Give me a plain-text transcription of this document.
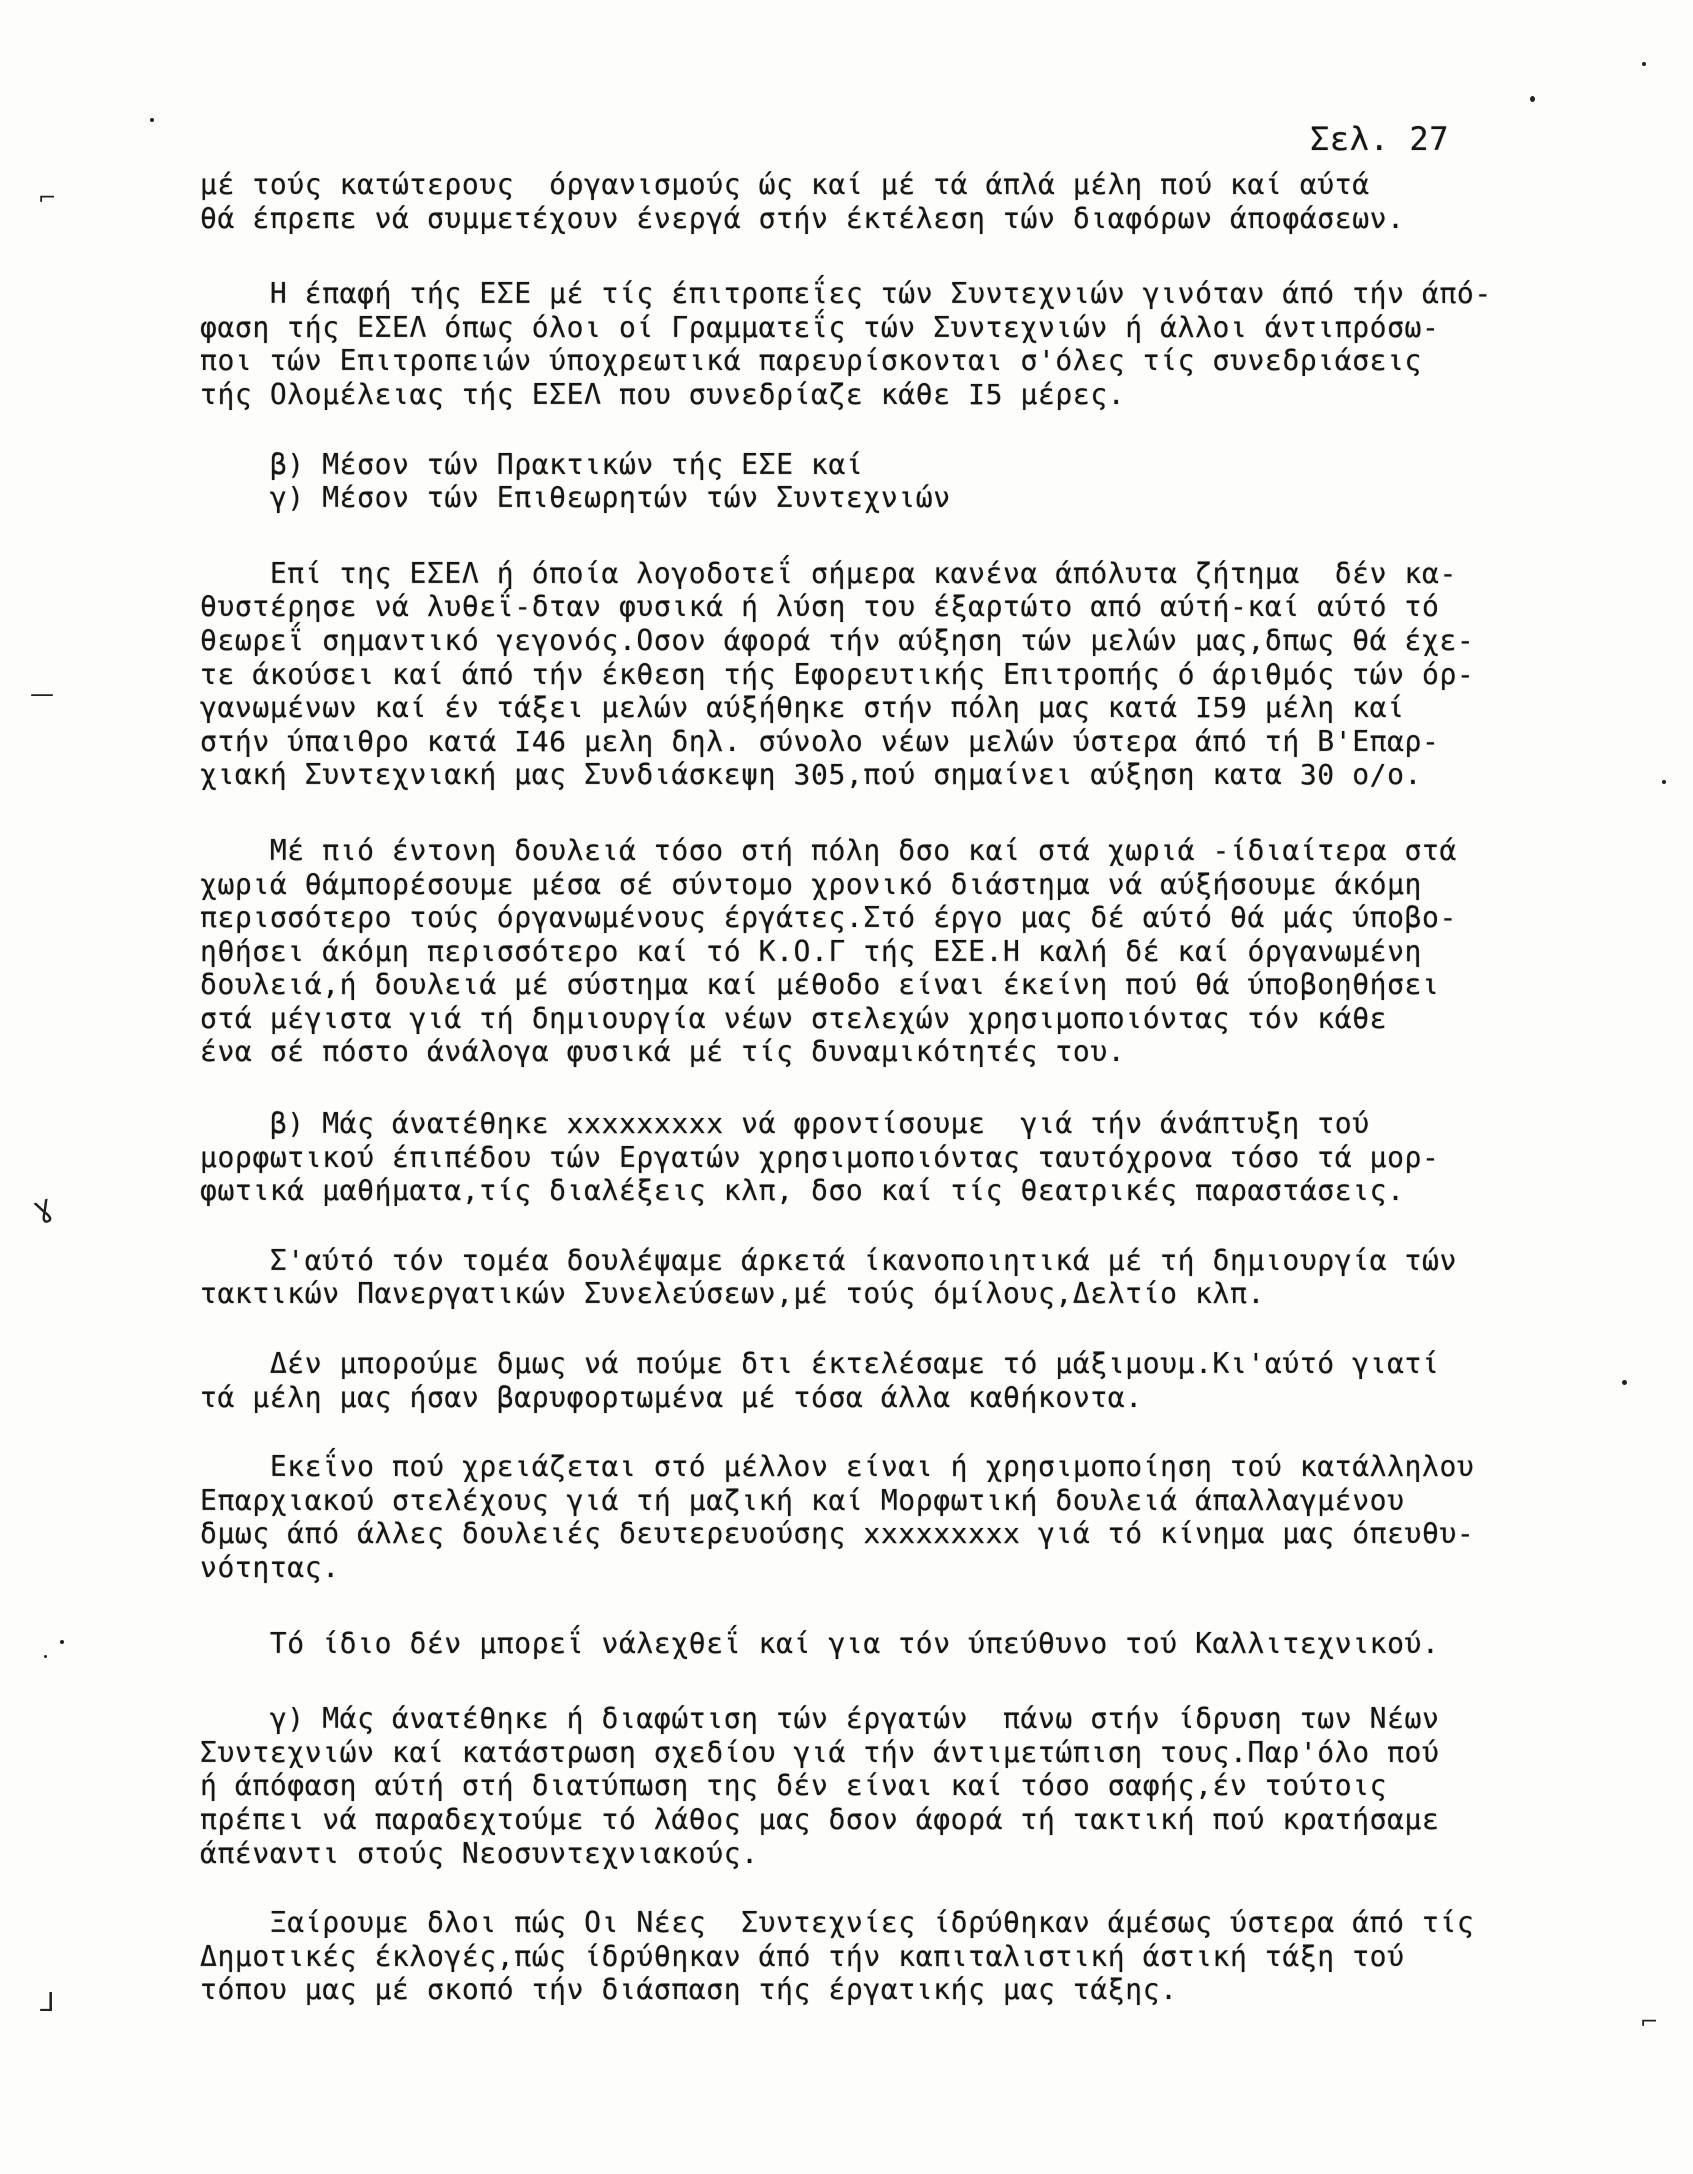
Σελ. 27
μέ τούς κατώτερους  όργανισμούς ώς καί μέ τά άπλά μέλη πού καί αύτά
θά έπρεπε νά συμμετέχουν ένεργά στήν έκτέλεση τών διαφόρων άποφάσεων.
Η έπαφή τής ΕΣΕ μέ τίς έπιτροπεΐες τών Συντεχνιών γινόταν άπό τήν άπό-
φαση τής ΕΣΕΛ όπως όλοι οί Γραμματεΐς τών Συντεχνιών ή άλλοι άντιπρόσω-
ποι τών Επιτροπειών ύποχρεωτικά παρευρίσκονται σ'όλες τίς συνεδριάσεις
τής Ολομέλειας τής ΕΣΕΛ που συνεδρίαζε κάθε I5 μέρες.
β) Μέσον τών Πρακτικών τής ΕΣΕ καί
γ) Μέσον τών Επιθεωρητών τών Συντεχνιών
Επί της ΕΣΕΛ ή όποία λογοδοτεΐ σήμερα κανένα άπόλυτα ζήτημα  δέν κα-
θυστέρησε νά λυθεΐ-δταν φυσικά ή λύση του έξαρτώτο από αύτή-καί αύτό τό
θεωρεΐ σημαντικό γεγονός.Οσον άφορά τήν αύξηση τών μελών μας,δπως θά έχε-
τε άκούσει καί άπό τήν έκθεση τής Εφορευτικής Επιτροπής ό άριθμός τών όρ-
γανωμένων καί έν τάξει μελών αύξήθηκε στήν πόλη μας κατά I59 μέλη καί
στήν ύπαιθρο κατά I46 μελη δηλ. σύνολο νέων μελών ύστερα άπό τή Β'Επαρ-
χιακή Συντεχνιακή μας Συνδιάσκεψη 305,πού σημαίνει αύξηση κατα 30 ο/ο.
Μέ πιό έντονη δουλειά τόσο στή πόλη δσο καί στά χωριά -ίδιαίτερα στά
χωριά θάμπορέσουμε μέσα σέ σύντομο χρονικό διάστημα νά αύξήσουμε άκόμη
περισσότερο τούς όργανωμένους έργάτες.Στό έργο μας δέ αύτό θά μάς ύποβο-
ηθήσει άκόμη περισσότερο καί τό Κ.Ο.Γ τής ΕΣΕ.Η καλή δέ καί όργανωμένη
δουλειά,ή δουλειά μέ σύστημα καί μέθοδο είναι έκείνη πού θά ύποβοηθήσει
στά μέγιστα γιά τή δημιουργία νέων στελεχών χρησιμοποιόντας τόν κάθε
ένα σέ πόστο άνάλογα φυσικά μέ τίς δυναμικότητές του.
β) Μάς άνατέθηκε xxxxxxxxx νά φροντίσουμε  γιά τήν άνάπτυξη τού
μορφωτικού έπιπέδου τών Εργατών χρησιμοποιόντας ταυτόχρονα τόσο τά μορ-
φωτικά μαθήματα,τίς διαλέξεις κλπ, δσο καί τίς θεατρικές παραστάσεις.
Σ'αύτό τόν τομέα δουλέψαμε άρκετά ίκανοποιητικά μέ τή δημιουργία τών
τακτικών Πανεργατικών Συνελεύσεων,μέ τούς όμίλους,Δελτίο κλπ.
Δέν μπορούμε δμως νά πούμε δτι έκτελέσαμε τό μάξιμουμ.Κι'αύτό γιατί
τά μέλη μας ήσαν βαρυφορτωμένα μέ τόσα άλλα καθήκοντα.
Εκεΐνο πού χρειάζεται στό μέλλον είναι ή χρησιμοποίηση τού κατάλληλου
Επαρχιακού στελέχους γιά τή μαζική καί Μορφωτική δουλειά άπαλλαγμένου
δμως άπό άλλες δουλειές δευτερευούσης xxxxxxxxx γιά τό κίνημα μας όπευθυ-
νότητας.
Τό ίδιο δέν μπορεΐ νάλεχθεΐ καί για τόν ύπεύθυνο τού Καλλιτεχνικού.
γ) Μάς άνατέθηκε ή διαφώτιση τών έργατών  πάνω στήν ίδρυση των Νέων
Συντεχνιών καί κατάστρωση σχεδίου γιά τήν άντιμετώπιση τους.Παρ'όλο πού
ή άπόφαση αύτή στή διατύπωση της δέν είναι καί τόσο σαφής,έν τούτοις
πρέπει νά παραδεχτούμε τό λάθος μας δσον άφορά τή τακτική πού κρατήσαμε
άπέναντι στούς Νεοσυντεχνιακούς.
Ξαίρουμε δλοι πώς Οι Νέες  Συντεχνίες ίδρύθηκαν άμέσως ύστερα άπό τίς
Δημοτικές έκλογές,πώς ίδρύθηκαν άπό τήν καπιταλιστική άστική τάξη τού
τόπου μας μέ σκοπό τήν διάσπαση τής έργατικής μας τάξης.
⌐
—
ɣ
⅃
⌐
